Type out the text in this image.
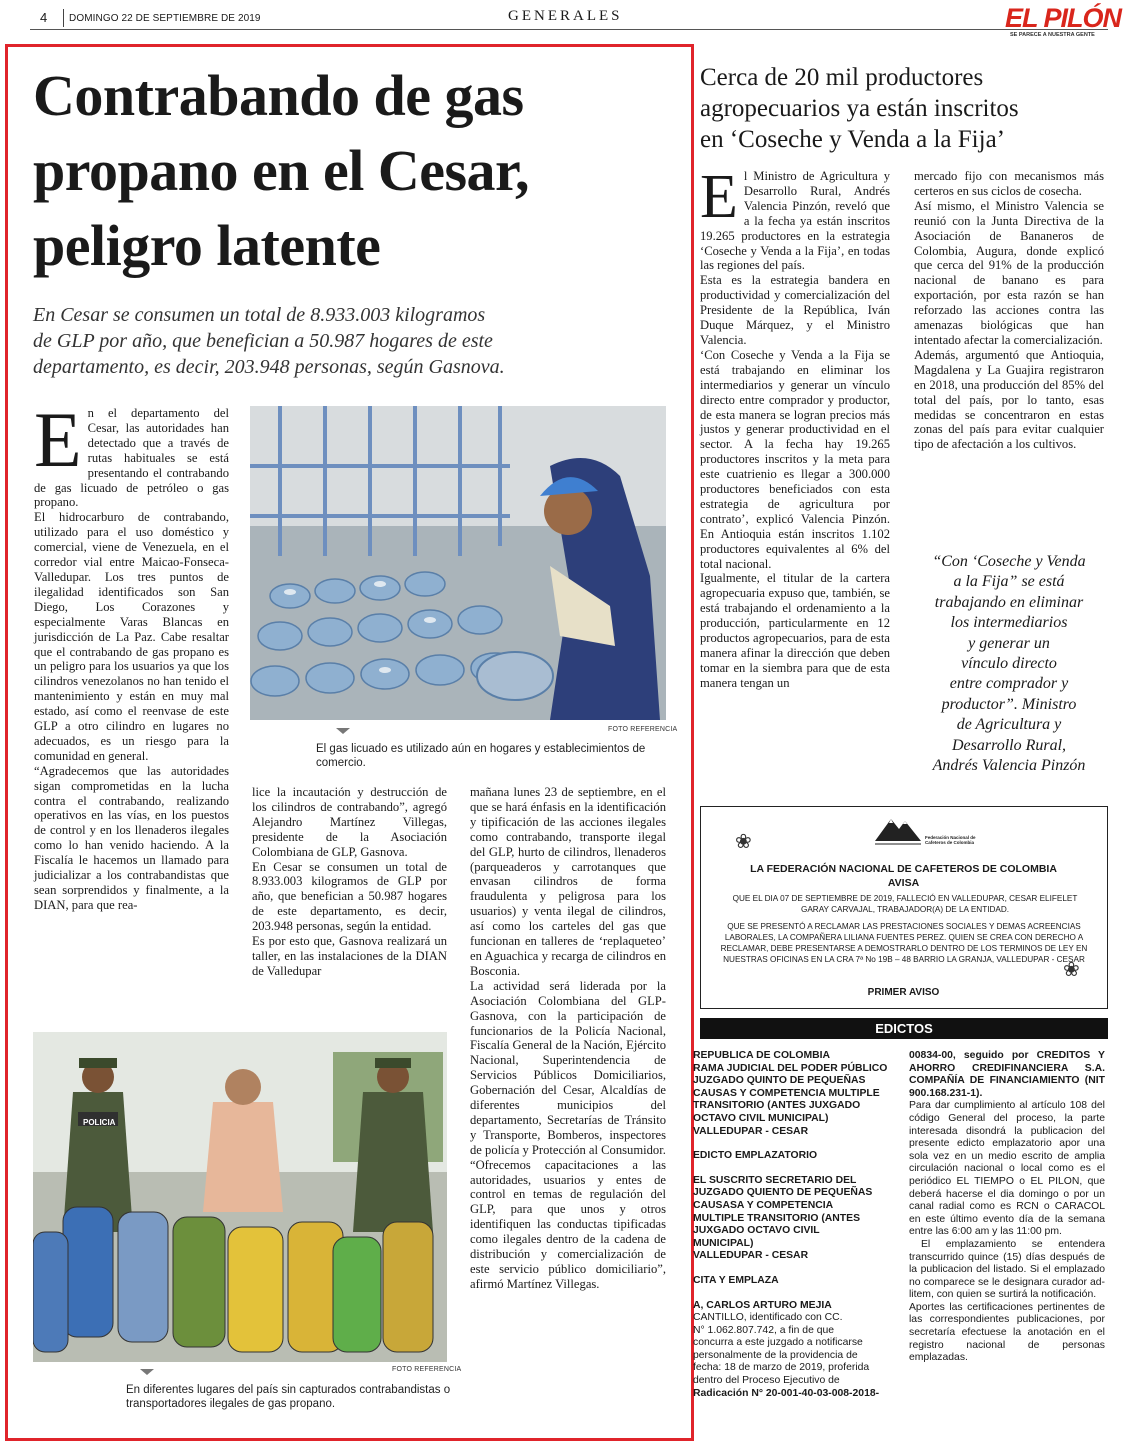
4 DOMINGO 22 DE SEPTIEMBRE DE 2019	GENERALES	EL PILÓN
SE PARECE A NUESTRA GENTE
Contrabando de gas
propano en el Cesar,
peligro latente
En Cesar se consumen un total de 8.933.003 kilogramos
de GLP por año, que benefician a 50.987 hogares de este
departamento, es decir, 203.948 personas, según Gasnova.
E n el departamento del Cesar, las autoridades han detectado que a través de rutas habituales se está presentando el contrabando de gas licuado de petróleo o gas propano.

El hidrocarburo de contrabando, utilizado para el uso doméstico y comercial, viene de Venezuela, en el corredor vial entre Maicao-Fonseca-Valledupar. Los tres puntos de ilegalidad identificados son San Diego, Los Corazones y especialmente Varas Blancas en jurisdicción de La Paz. Cabe resaltar que el contrabando de gas propano es un peligro para los usuarios ya que los cilindros venezolanos no han tenido el mantenimiento y están en muy mal estado, así como el reenvase de este GLP a otro cilindro en lugares no adecuados, es un riesgo para la comunidad en general.

“Agradecemos que las autoridades sigan comprometidas en la lucha contra el contrabando, realizando operativos en las vías, en los puestos de control y en los llenaderos ilegales como lo han venido haciendo. A la Fiscalía le hacemos un llamado para judicializar a los contrabandistas que sean sorprendidos y finalmente, a la DIAN, para que rea-

FOTO REFERENCIA
El gas licuado es utilizado aún en hogares y establecimientos de comercio.

lice la incautación y destrucción de los cilindros de contrabando”, agregó Alejandro Martínez Villegas, presidente de la Asociación Colombiana de GLP, Gasnova.

En Cesar se consumen un total de 8.933.003 kilogramos de GLP por año, que benefician a 50.987 hogares de este departamento, es decir, 203.948 personas, según la entidad.

Es por esto que, Gasnova realizará un taller, en las instalaciones de la DIAN de Valledupar

mañana lunes 23 de septiembre, en el que se hará énfasis en la identificación y tipificación de las acciones ilegales como contrabando, transporte ilegal del GLP, hurto de cilindros, llenaderos (parqueaderos y carrotanques que envasan cilindros de forma fraudulenta y peligrosa para los usuarios) y venta ilegal de cilindros, así como los carteles del gas que funcionan en talleres de ‘replaqueteo’ en Aguachica y recarga de cilindros en Bosconia.

La actividad será liderada por la Asociación Colombiana del GLP-Gasnova, con la participación de funcionarios de la Policía Nacional, Fiscalía General de la Nación, Ejército Nacional, Superintendencia de Servicios Públicos Domiciliarios, Gobernación del Cesar, Alcaldías de diferentes municipios del departamento, Secretarías de Tránsito y Transporte, Bomberos, inspectores de policía y Protección al Consumidor.

“Ofrecemos capacitaciones a las autoridades, usuarios y entes de control en temas de regulación del GLP, para que unos y otros identifiquen las conductas tipificadas como ilegales dentro de la cadena de distribución y comercialización de este servicio público domiciliario”, afirmó Martínez Villegas.

POLICIA
FOTO REFERENCIA
En diferentes lugares del país sin capturados contrabandistas o transportadores ilegales de gas propano.
Cerca de 20 mil productores
agropecuarios ya están inscritos
en ‘Coseche y Venda a la Fija’
E l Ministro de Agricultura y Desarrollo Rural, Andrés Valencia Pinzón, reveló que a la fecha ya están inscritos 19.265 productores en la estrategia ‘Coseche y Venda a la Fija’, en todas las regiones del país.

Esta es la estrategia bandera en productividad y comercialización del Presidente de la República, Iván Duque Márquez, y el Ministro Valencia.

‘Con Coseche y Venda a la Fija se está trabajando en eliminar los intermediarios y generar un vínculo directo entre comprador y productor, de esta manera se logran precios más justos y generar productividad en el sector. A la fecha hay 19.265 productores inscritos y la meta para este cuatrienio es llegar a 300.000 productores beneficiados con esta estrategia de agricultura por contrato’, explicó Valencia Pinzón. En Antioquia están inscritos 1.102 productores equivalentes al 6% del total nacional.

Igualmente, el titular de la cartera agropecuaria expuso que, también, se está trabajando el ordenamiento a la producción, particularmente en 12 productos agropecuarios, para de esta manera afinar la dirección que deben tomar en la siembra para que de esta manera tengan un

mercado fijo con mecanismos más certeros en sus ciclos de cosecha.

Así mismo, el Ministro Valencia se reunió con la Junta Directiva de la Asociación de Bananeros de Colombia, Augura, donde explicó que cerca del 91% de la producción nacional de banano es para exportación, por esta razón se han reforzado las acciones contra las amenazas biológicas que han intentado afectar la comercialización.

Además, argumentó que Antioquia, Magdalena y La Guajira registraron en 2018, una producción del 85% del total del país, por lo tanto, esas medidas se concentraron en estas zonas del país para evitar cualquier tipo de afectación a los cultivos.

“Con ‘Coseche y Venda
a la Fija” se está
trabajando en eliminar
los intermediarios
y generar un
vínculo directo
entre comprador y
productor”. Ministro
de Agricultura y
Desarrollo Rural,
Andrés Valencia Pinzón
Federación Nacional de Cafeteros de Colombia
❀
❀
LA FEDERACIÓN NACIONAL DE CAFETEROS DE COLOMBIA
AVISA
QUE EL DIA 07 DE SEPTIEMBRE DE 2019, FALLECIÓ EN VALLEDUPAR, CESAR ELIFELET GARAY CARVAJAL, TRABAJADOR(A) DE LA ENTIDAD.
QUE SE PRESENTÓ A RECLAMAR LAS PRESTACIONES SOCIALES Y DEMAS ACREENCIAS LABORALES, LA COMPAÑERA LILIANA FUENTES PEREZ. QUIEN SE CREA CON DERECHO A RECLAMAR, DEBE PRESENTARSE A DEMOSTRARLO DENTRO DE LOS TERMINOS DE LEY EN NUESTRAS OFICINAS EN LA CRA 7ª No 19B – 48 BARRIO LA GRANJA, VALLEDUPAR - CESAR
PRIMER AVISO
EDICTOS
REPUBLICA DE COLOMBIA
RAMA JUDICIAL DEL PODER PÚBLICO
JUZGADO QUINTO DE PEQUEÑAS
CAUSAS Y COMPETENCIA MULTIPLE
TRANSITORIO (ANTES JUXGADO
OCTAVO CIVIL MUNICIPAL)
VALLEDUPAR - CESAR
EDICTO EMPLAZATORIO
EL SUSCRITO SECRETARIO DEL
JUZGADO QUIENTO DE PEQUEÑAS
CAUSASA Y COMPETENCIA
MULTIPLE TRANSITORIO (ANTES
JUXGADO OCTAVO CIVIL
MUNICIPAL)
VALLEDUPAR - CESAR
CITA Y EMPLAZA
A, CARLOS ARTURO MEJIA
CANTILLO, identificado con CC.
N° 1.062.807.742, a fin de que
concurra a este juzgado a notificarse
personalmente de la providencia de
fecha: 18 de marzo de 2019, proferida
dentro del Proceso Ejecutivo de
Radicación N° 20-001-40-03-008-2018-

00834-00, seguido por CREDITOS Y AHORRO CREDIFINANCIERA S.A. COMPAÑÍA DE FINANCIAMIENTO (NIT 900.168.231-1).

Para dar cumplimiento al artículo 108 del código General del proceso, la parte interesada disondrá la publicacion del presente edicto emplazatorio apor una sola vez en un medio escrito de amplia circulación nacional o local como es el periódico EL TIEMPO o EL PILON, que deberá hacerse el dia domingo o por un canal radial como es RCN o CARACOL en este último evento día de la semana entre las 6:00 am y las 11:00 pm.

El emplazamiento se entendera transcurrido quince (15) días después de la publicacion del listado. Si el emplazado no comparece se le designara curador ad-litem, con quien se surtirá la notificación.

Aportes las certificaciones pertinentes de las correspondientes publicaciones, por secretaría efectuese la anotación en el registro nacional de personas emplazadas.
